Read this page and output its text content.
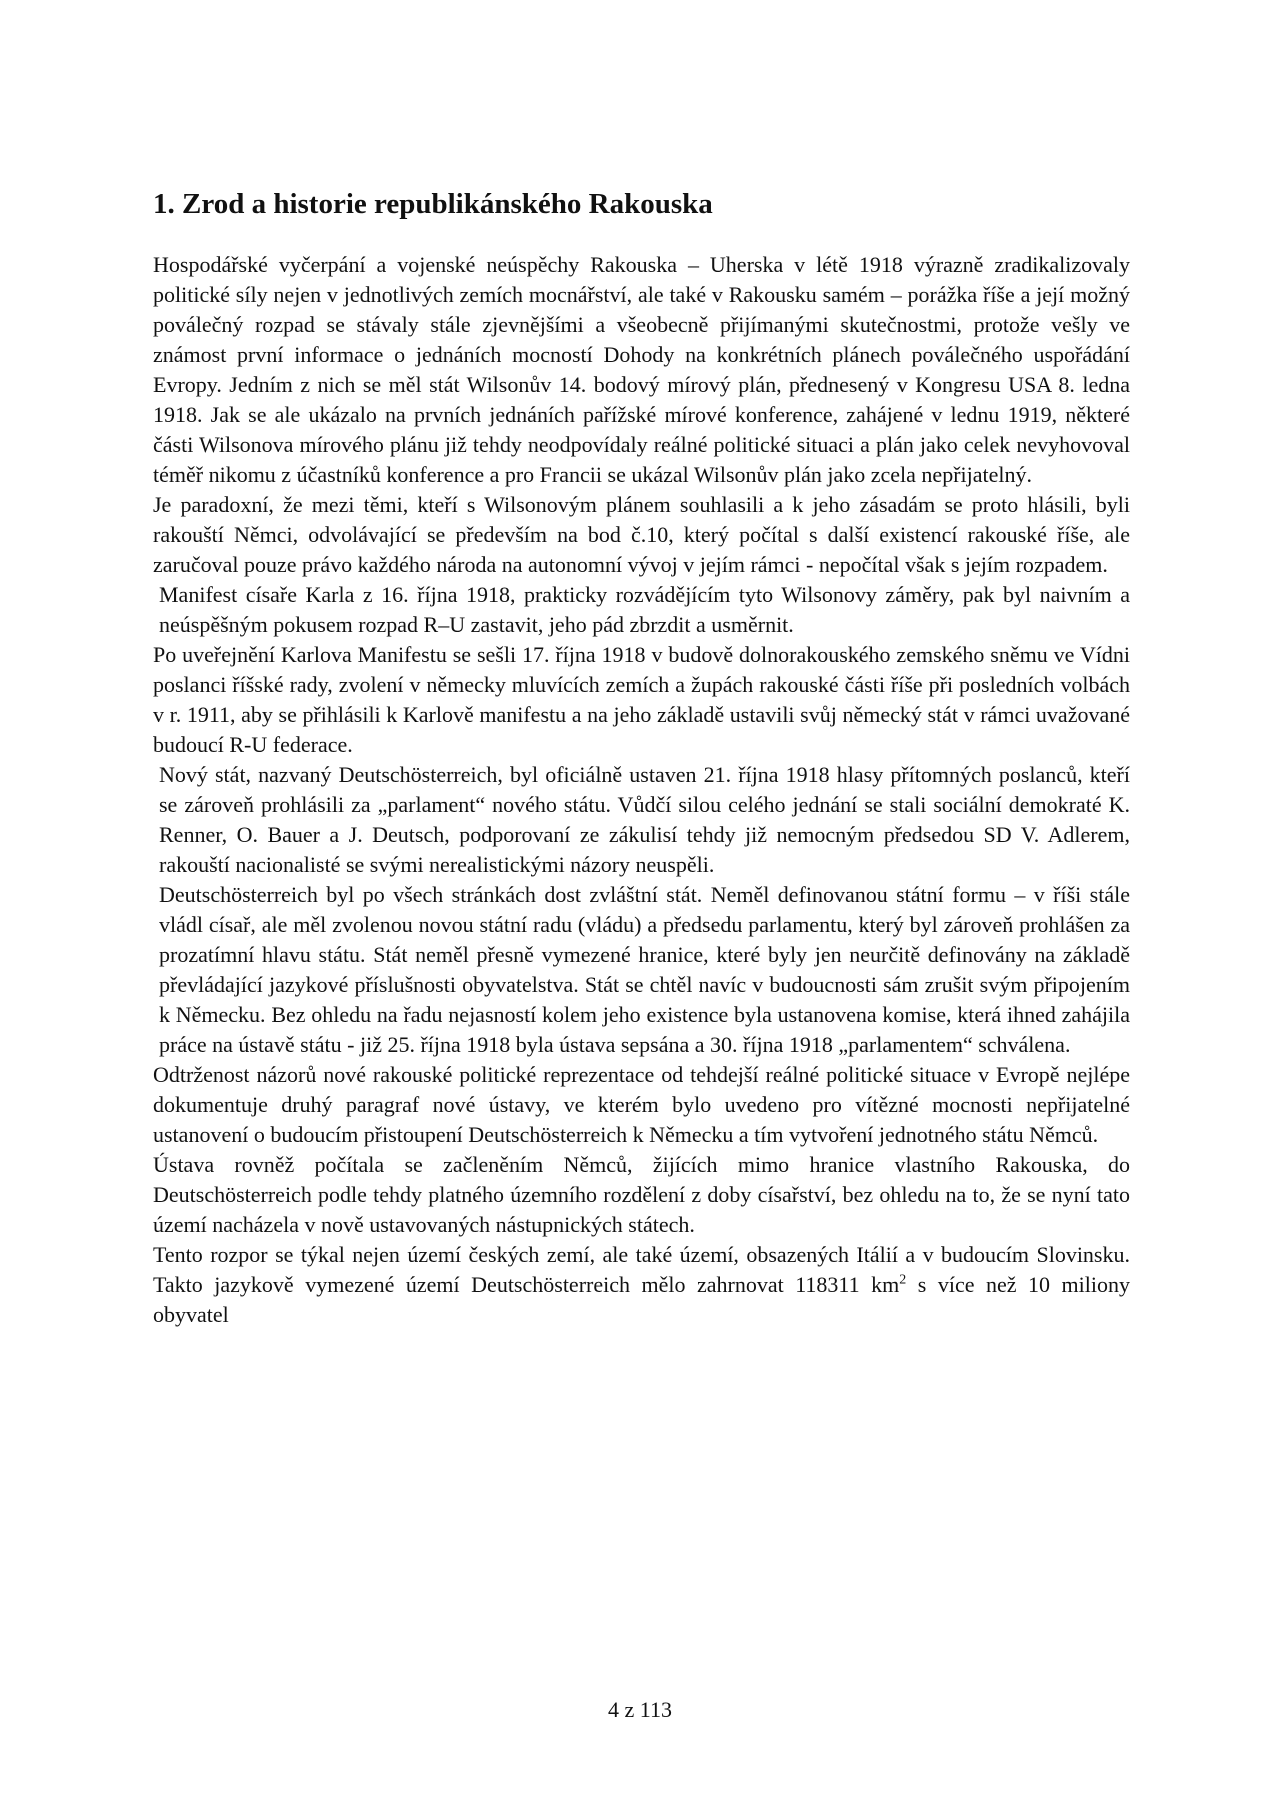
1. Zrod a historie republikánského Rakouska

Hospodářské vyčerpání a vojenské neúspěchy Rakouska – Uherska v létě 1918 výrazně zradikalizovaly politické síly nejen v jednotlivých zemích mocnářství, ale také v Rakousku samém – porážka říše a její možný poválečný rozpad se stávaly stále zjevnějšími a všeobecně přijímanými skutečnostmi, protože vešly ve známost první informace o jednáních mocností Dohody na konkrétních plánech poválečného uspořádání Evropy. Jedním z nich se měl stát Wilsonův 14. bodový mírový plán, přednesený v Kongresu USA 8. ledna 1918. Jak se ale ukázalo na prvních jednáních pařížské mírové konference, zahájené v lednu 1919, některé části Wilsonova mírového plánu již tehdy neodpovídaly reálné politické situaci a plán jako celek nevyhovoval téměř nikomu z účastníků konference a pro Francii se ukázal Wilsonův plán jako zcela nepřijatelný.

Je paradoxní, že mezi těmi, kteří s Wilsonovým plánem souhlasili a k jeho zásadám se proto hlásili, byli rakouští Němci, odvolávající se především na bod č.10, který počítal s další existencí rakouské říše, ale zaručoval pouze právo každého národa na autonomní vývoj v jejím rámci - nepočítal však s jejím rozpadem.

Manifest císaře Karla z 16. října 1918, prakticky rozvádějícím tyto Wilsonovy záměry, pak byl naivním a neúspěšným pokusem rozpad R–U zastavit, jeho pád zbrzdit a usměrnit.

Po uveřejnění Karlova Manifestu se sešli 17. října 1918 v budově dolnorakouského zemského sněmu ve Vídni poslanci říšské rady, zvolení v německy mluvících zemích a župách rakouské části říše při posledních volbách v r. 1911, aby se přihlásili k Karlově manifestu a na jeho základě ustavili svůj německý stát v rámci uvažované budoucí R-U federace.

Nový stát, nazvaný Deutschösterreich, byl oficiálně ustaven 21. října 1918 hlasy přítomných poslanců, kteří se zároveň prohlásili za „parlament“ nového státu. Vůdčí silou celého jednání se stali sociální demokraté K. Renner, O. Bauer a J. Deutsch, podporovaní ze zákulisí tehdy již nemocným předsedou SD V. Adlerem, rakouští nacionalisté se svými nerealistickými názory neuspěli.

Deutschösterreich byl po všech stránkách dost zvláštní stát. Neměl definovanou státní formu – v říši stále vládl císař, ale měl zvolenou novou státní radu (vládu) a předsedu parlamentu, který byl zároveň prohlášen za prozatímní hlavu státu. Stát neměl přesně vymezené hranice, které byly jen neurčitě definovány na základě převládající jazykové příslušnosti obyvatelstva. Stát se chtěl navíc v budoucnosti sám zrušit svým připojením k Německu. Bez ohledu na řadu nejasností kolem jeho existence byla ustanovena komise, která ihned zahájila práce na ústavě státu - již 25. října 1918 byla ústava sepsána a 30. října 1918 „parlamentem“ schválena.

Odtrženost názorů nové rakouské politické reprezentace od tehdejší reálné politické situace v Evropě nejlépe dokumentuje druhý paragraf nové ústavy, ve kterém bylo uvedeno pro vítězné mocnosti nepřijatelné ustanovení o budoucím přistoupení Deutschösterreich k Německu a tím vytvoření jednotného státu Němců.

Ústava rovněž počítala se začleněním Němců, žijících mimo hranice vlastního Rakouska, do Deutschösterreich podle tehdy platného územního rozdělení z doby císařství, bez ohledu na to, že se nyní tato území nacházela v nově ustavovaných nástupnických státech.

Tento rozpor se týkal nejen území českých zemí, ale také území, obsazených Itálií a v budoucím Slovinsku. Takto jazykově vymezené území Deutschösterreich mělo zahrnovat 118311 $km^2$ s více než 10 miliony obyvatel

4 z 113
